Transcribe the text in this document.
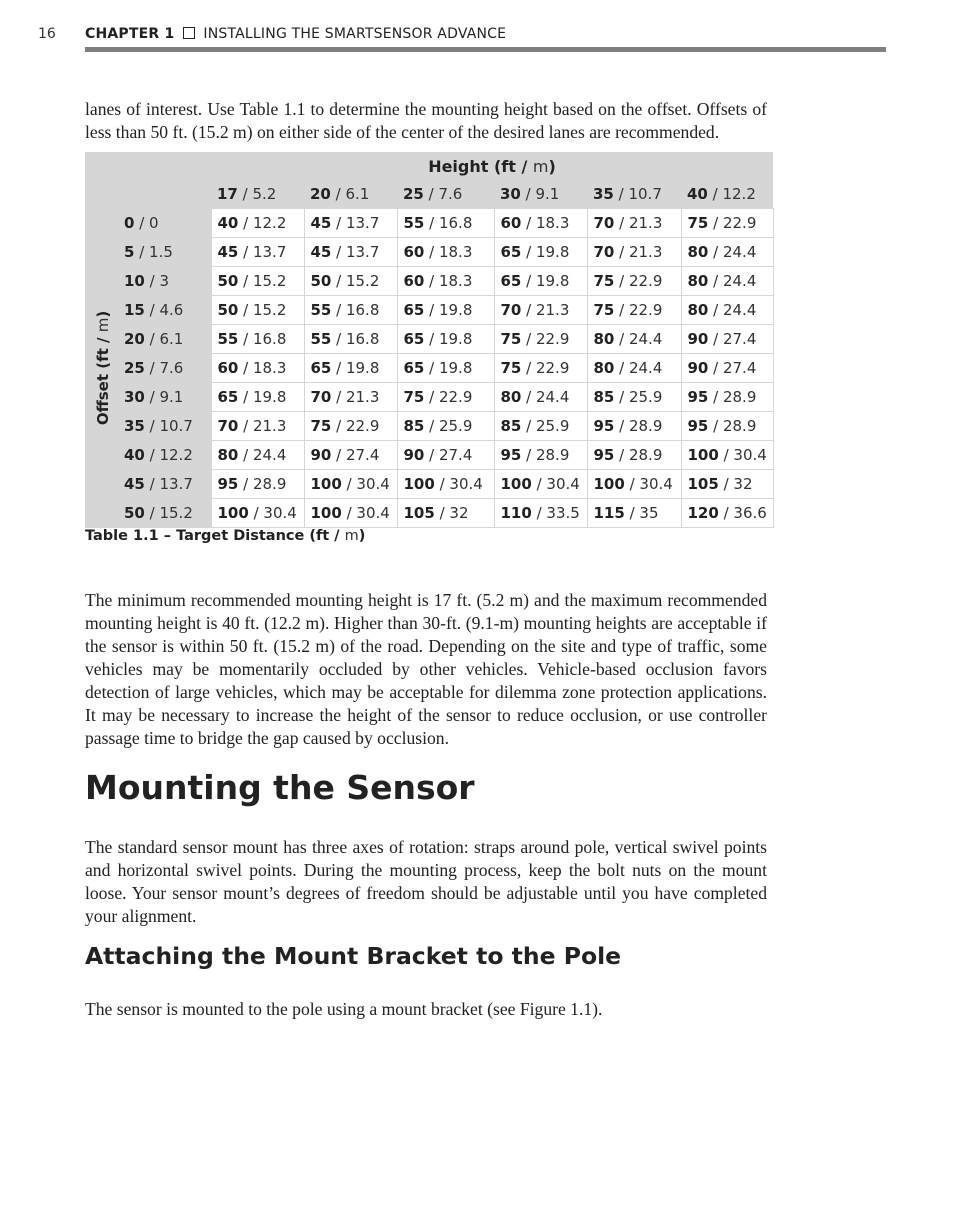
16 CHAPTER 1 INSTALLING THE SMARTSENSOR ADVANCE

lanes of interest. Use Table 1.1 to determine the mounting height based on the offset. Offsets of less than 50 ft. (15.2 m) on either side of the center of the desired lanes are recommended.

		Height (ft / m)					
		17 / 5.2	20 / 6.1	25 / 7.6	30 / 9.1	35 / 10.7	40 / 12.2

Offset (ft / m)	0 / 0	40 / 12.2	45 / 13.7	55 / 16.8	60 / 18.3	70 / 21.3	75 / 22.9
	5 / 1.5	45 / 13.7	45 / 13.7	60 / 18.3	65 / 19.8	70 / 21.3	80 / 24.4
	10 / 3	50 / 15.2	50 / 15.2	60 / 18.3	65 / 19.8	75 / 22.9	80 / 24.4
	15 / 4.6	50 / 15.2	55 / 16.8	65 / 19.8	70 / 21.3	75 / 22.9	80 / 24.4
	20 / 6.1	55 / 16.8	55 / 16.8	65 / 19.8	75 / 22.9	80 / 24.4	90 / 27.4
	25 / 7.6	60 / 18.3	65 / 19.8	65 / 19.8	75 / 22.9	80 / 24.4	90 / 27.4
	30 / 9.1	65 / 19.8	70 / 21.3	75 / 22.9	80 / 24.4	85 / 25.9	95 / 28.9
	35 / 10.7	70 / 21.3	75 / 22.9	85 / 25.9	85 / 25.9	95 / 28.9	95 / 28.9
	40 / 12.2	80 / 24.4	90 / 27.4	90 / 27.4	95 / 28.9	95 / 28.9	100 / 30.4
	45 / 13.7	95 / 28.9	100 / 30.4	100 / 30.4	100 / 30.4	100 / 30.4	105 / 32
	50 / 15.2	100 / 30.4	100 / 30.4	105 / 32	110 / 33.5	115 / 35	120 / 36.6
Table 1.1 – Target Distance (ft / m)

The minimum recommended mounting height is 17 ft. (5.2 m) and the maximum recommended mounting height is 40 ft. (12.2 m). Higher than 30-ft. (9.1-m) mounting heights are acceptable if the sensor is within 50 ft. (15.2 m) of the road. Depending on the site and type of traffic, some vehicles may be momentarily occluded by other vehicles. Vehicle-based occlusion favors detection of large vehicles, which may be acceptable for dilemma zone protection applications. It may be necessary to increase the height of the sensor to reduce occlusion, or use controller passage time to bridge the gap caused by occlusion.

Mounting the Sensor

The standard sensor mount has three axes of rotation: straps around pole, vertical swivel points and horizontal swivel points. During the mounting process, keep the bolt nuts on the mount loose. Your sensor mount’s degrees of freedom should be adjustable until you have completed your alignment.

Attaching the Mount Bracket to the Pole

The sensor is mounted to the pole using a mount bracket (see Figure 1.1).
